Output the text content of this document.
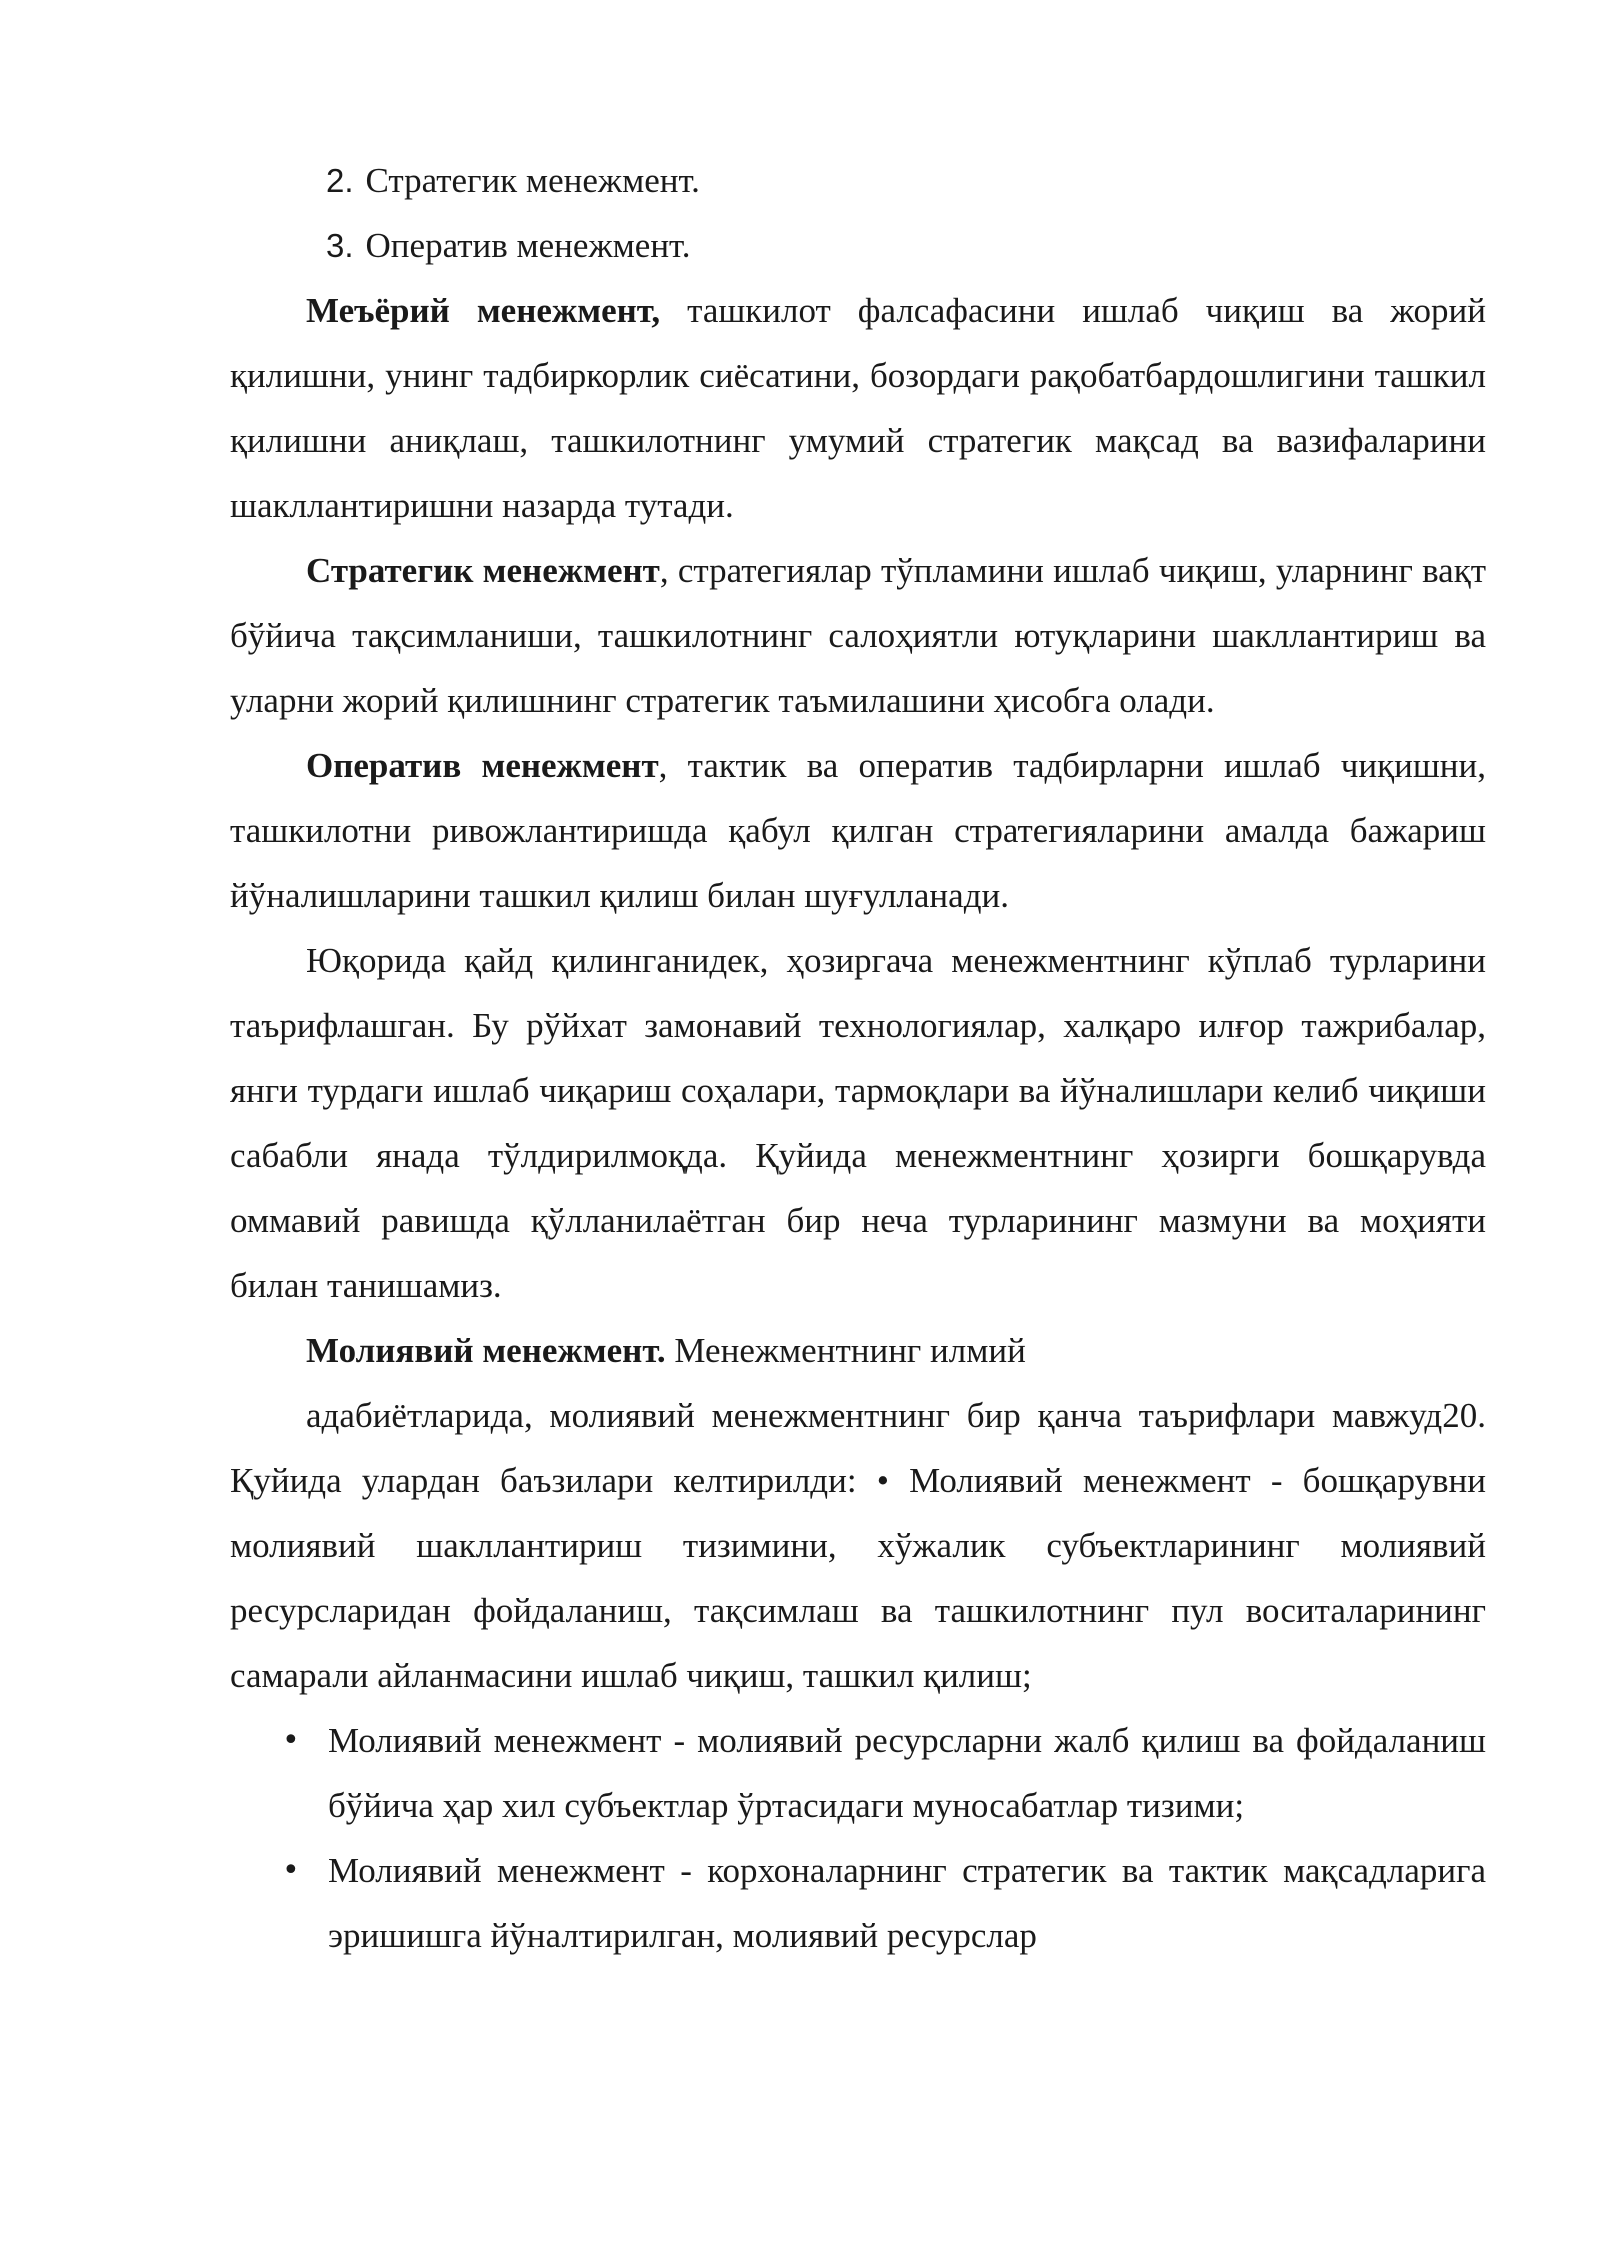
2. Стратегик менежмент.

3. Оператив менежмент.

Меъёрий менежмент, ташкилот фалсафасини ишлаб чиқиш ва жорий қилишни, унинг тадбиркорлик сиёсатини, бозордаги рақобатбардошлигини ташкил қилишни аниқлаш, ташкилотнинг умумий стратегик мақсад ва вазифаларини шакллантиришни назарда тутади.

Стратегик менежмент, стратегиялар тўпламини ишлаб чиқиш, уларнинг вақт бўйича тақсимланиши, ташкилотнинг салоҳиятли ютуқларини шакллантириш ва уларни жорий қилишнинг стратегик таъмилашини ҳисобга олади.

Оператив менежмент, тактик ва оператив тадбирларни ишлаб чиқишни, ташкилотни ривожлантиришда қабул қилган стратегияларини амалда бажариш йўналишларини ташкил қилиш билан шуғулланади.

Юқорида қайд қилинганидек, ҳозиргача менежментнинг кўплаб турларини таърифлашган. Бу рўйхат замонавий технологиялар, халқаро илғор тажрибалар, янги турдаги ишлаб чиқариш соҳалари, тармоқлари ва йўналишлари келиб чиқиши сабабли янада тўлдирилмоқда. Қуйида менежментнинг ҳозирги бошқарувда оммавий равишда қўлланилаётган бир неча турларининг мазмуни ва моҳияти билан танишамиз.

Молиявий менежмент. Менежментнинг илмий

адабиётларида, молиявий менежментнинг бир қанча таърифлари мавжуд20. Қуйида улардан баъзилари келтирилди: • Молиявий менежмент - бошқарувни молиявий шакллантириш тизимини, хўжалик субъектларининг молиявий ресурсларидан фойдаланиш, тақсимлаш ва ташкилотнинг пул воситаларининг самарали айланмасини ишлаб чиқиш, ташкил қилиш;

• Молиявий менежмент - молиявий ресурсларни жалб қилиш ва фойдаланиш бўйича ҳар хил субъектлар ўртасидаги муносабатлар тизими;
• Молиявий менежмент - корхоналарнинг стратегик ва тактик мақсадларига эришишга йўналтирилган, молиявий ресурслар
